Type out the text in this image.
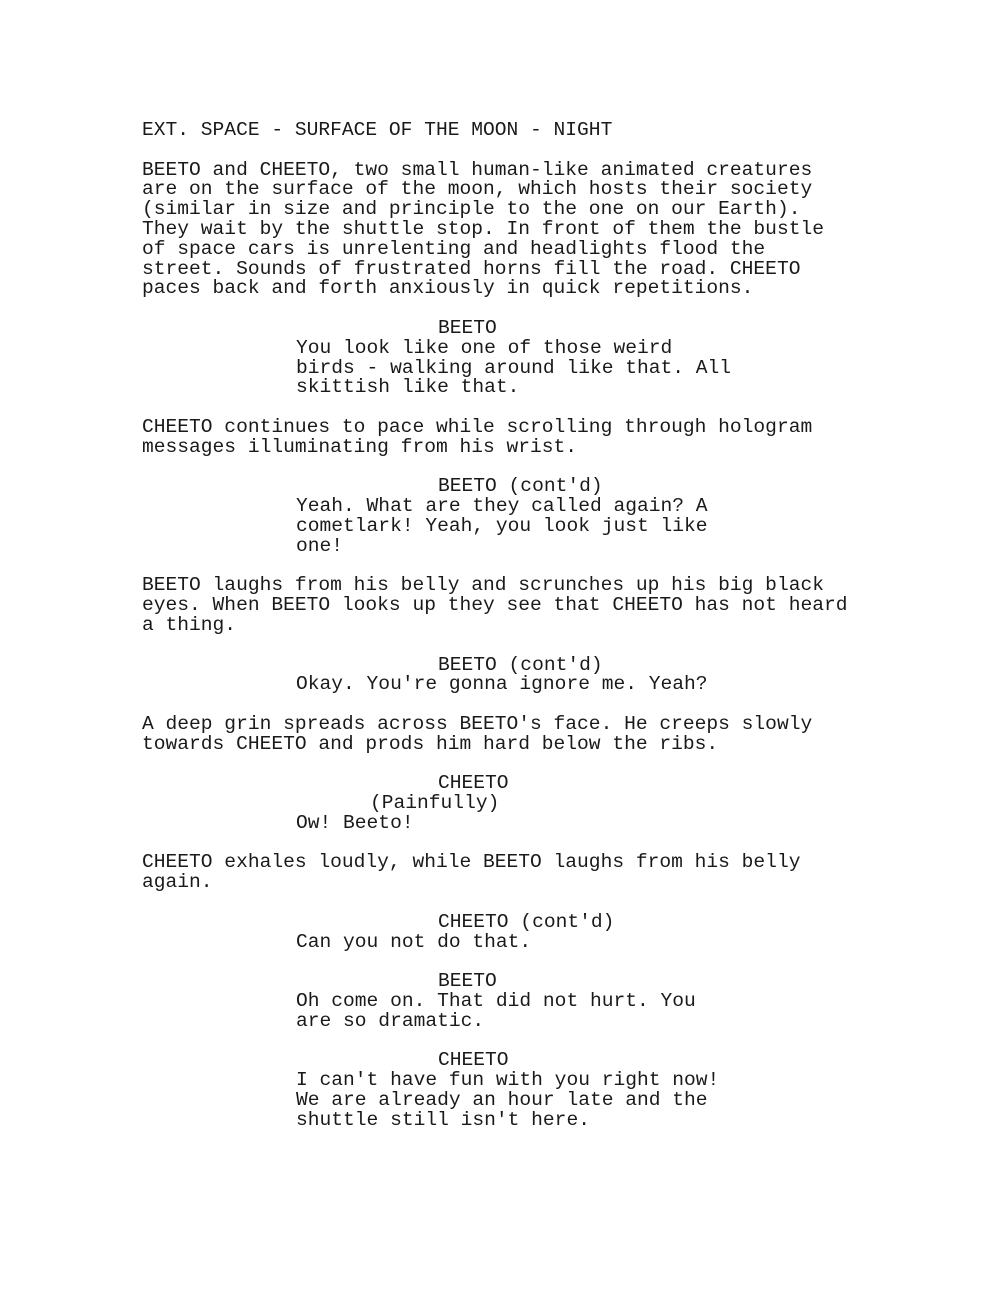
EXT. SPACE - SURFACE OF THE MOON - NIGHT
BEETO and CHEETO, two small human-like animated creatures
are on the surface of the moon, which hosts their society
(similar in size and principle to the one on our Earth).
They wait by the shuttle stop. In front of them the bustle
of space cars is unrelenting and headlights flood the
street. Sounds of frustrated horns fill the road. CHEETO
paces back and forth anxiously in quick repetitions.
BEETO
You look like one of those weird
birds - walking around like that. All
skittish like that.
CHEETO continues to pace while scrolling through hologram
messages illuminating from his wrist.
BEETO (cont'd)
Yeah. What are they called again? A
cometlark! Yeah, you look just like
one!
BEETO laughs from his belly and scrunches up his big black
eyes. When BEETO looks up they see that CHEETO has not heard
a thing.
BEETO (cont'd)
Okay. You're gonna ignore me. Yeah?
A deep grin spreads across BEETO's face. He creeps slowly
towards CHEETO and prods him hard below the ribs.
CHEETO
(Painfully)
Ow! Beeto!
CHEETO exhales loudly, while BEETO laughs from his belly
again.
CHEETO (cont'd)
Can you not do that.
BEETO
Oh come on. That did not hurt. You
are so dramatic.
CHEETO
I can't have fun with you right now!
We are already an hour late and the
shuttle still isn't here.
